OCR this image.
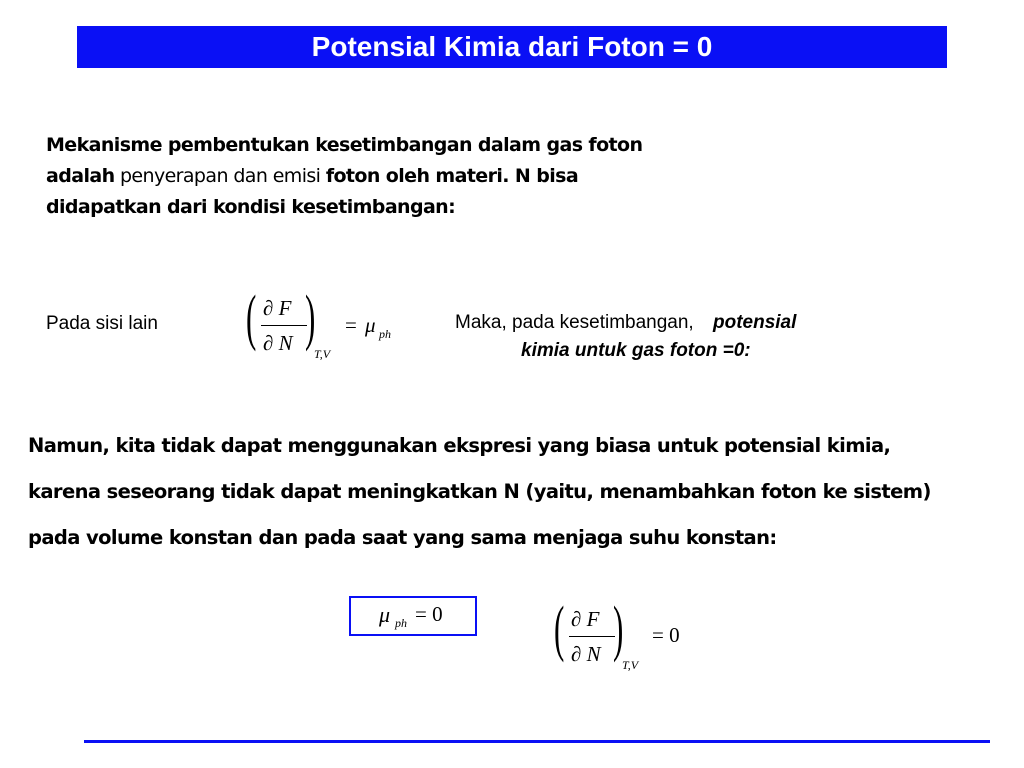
Potensial Kimia dari Foton = 0
Mekanisme pembentukan kesetimbangan dalam gas foton
adalah penyerapan dan emisi foton oleh materi. N bisa
didapatkan dari kondisi kesetimbangan:
Pada sisi lain ( ∂ F
∂ N )
T,V
= μ ph
Maka, pada kesetimbangan, potensial
kimia untuk gas foton =0:
Namun, kita tidak dapat menggunakan ekspresi yang biasa untuk potensial kimia,
karena seseorang tidak dapat meningkatkan N (yaitu, menambahkan foton ke sistem)
pada volume konstan dan pada saat yang sama menjaga suhu konstan:
μ ph = 0 ( ∂ F
∂ N )
T,V
= 0
